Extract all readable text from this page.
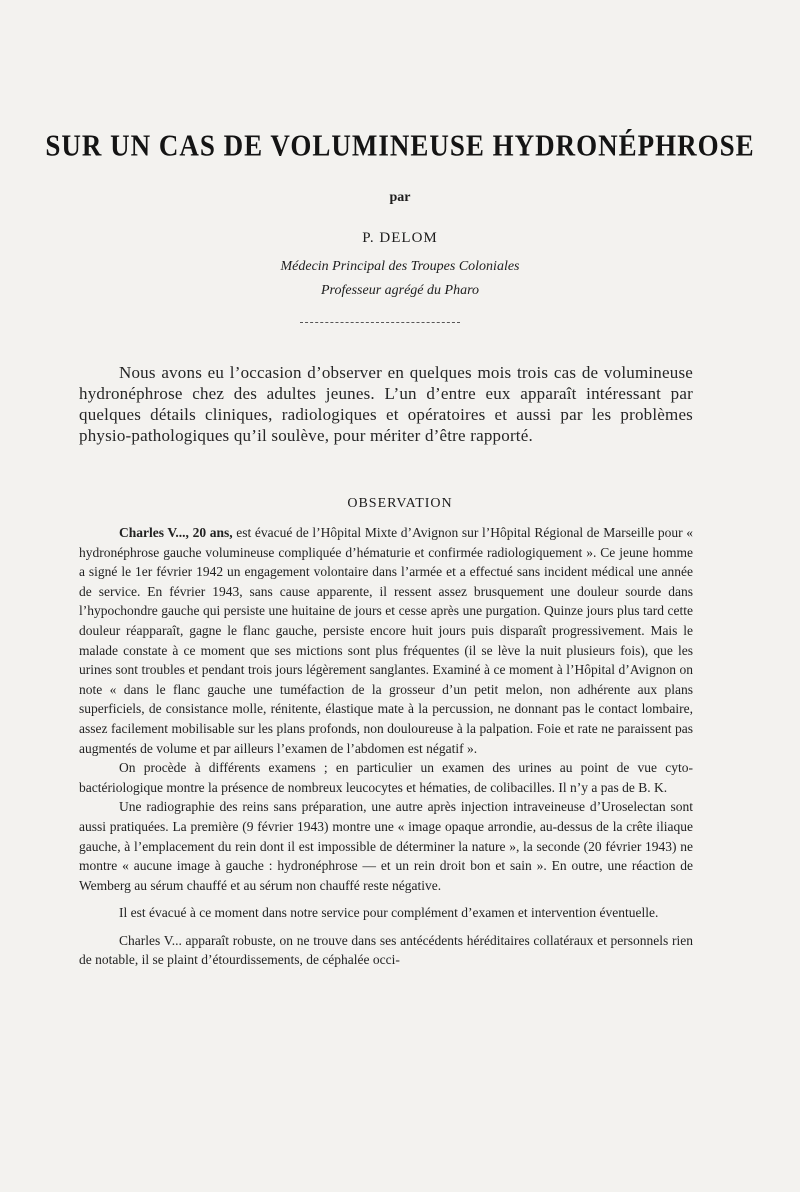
SUR UN CAS DE VOLUMINEUSE HYDRONÉPHROSE
par
P. DELOM
Médecin Principal des Troupes Coloniales
Professeur agrégé du Pharo

Nous avons eu l’occasion d’observer en quelques mois trois cas de volumineuse hydronéphrose chez des adultes jeunes. L’un d’entre eux apparaît intéressant par quelques détails cliniques, radiologiques et opératoires et aussi par les problèmes physio-pathologiques qu’il soulève, pour mériter d’être rapporté.

OBSERVATION

Charles V..., 20 ans, est évacué de l’Hôpital Mixte d’Avignon sur l’Hôpital Régional de Marseille pour « hydronéphrose gauche volumineuse compliquée d’hématurie et confirmée radiologiquement ». Ce jeune homme a signé le 1er février 1942 un engagement volontaire dans l’armée et a effectué sans incident médical une année de service. En février 1943, sans cause apparente, il ressent assez brusquement une douleur sourde dans l’hypochondre gauche qui persiste une huitaine de jours et cesse après une purgation. Quinze jours plus tard cette douleur réapparaît, gagne le flanc gauche, persiste encore huit jours puis disparaît progressivement. Mais le malade constate à ce moment que ses mictions sont plus fréquentes (il se lève la nuit plusieurs fois), que les urines sont troubles et pendant trois jours légèrement sanglantes. Examiné à ce moment à l’Hôpital d’Avignon on note « dans le flanc gauche une tuméfaction de la grosseur d’un petit melon, non adhérente aux plans superficiels, de consistance molle, rénitente, élastique mate à la percussion, ne donnant pas le contact lombaire, assez facilement mobilisable sur les plans profonds, non douloureuse à la palpation. Foie et rate ne paraissent pas augmentés de volume et par ailleurs l’examen de l’abdomen est négatif ».

On procède à différents examens ; en particulier un examen des urines au point de vue cyto-bactériologique montre la présence de nombreux leucocytes et hématies, de colibacilles. Il n’y a pas de B. K.

Une radiographie des reins sans préparation, une autre après injection intraveineuse d’Uroselectan sont aussi pratiquées. La première (9 février 1943) montre une « image opaque arrondie, au-dessus de la crête iliaque gauche, à l’emplacement du rein dont il est impossible de déterminer la nature », la seconde (20 février 1943) ne montre « aucune image à gauche : hydronéphrose — et un rein droit bon et sain ». En outre, une réaction de Wemberg au sérum chauffé et au sérum non chauffé reste négative.

Il est évacué à ce moment dans notre service pour complément d’examen et intervention éventuelle.

Charles V... apparaît robuste, on ne trouve dans ses antécédents héréditaires collatéraux et personnels rien de notable, il se plaint d’étourdissements, de céphalée occi-
